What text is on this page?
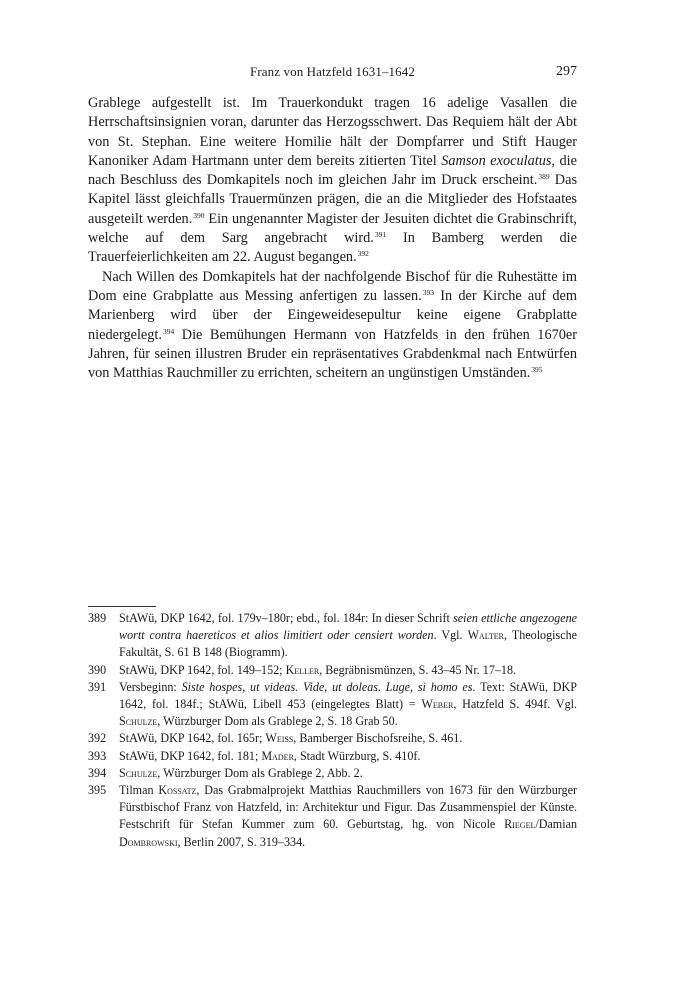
Franz von Hatzfeld 1631–1642	297

Grablege aufgestellt ist. Im Trauerkondukt tragen 16 adelige Vasallen die Herrschaftsinsignien voran, darunter das Herzogsschwert. Das Requiem hält der Abt von St. Stephan. Eine weitere Homilie hält der Dompfarrer und Stift Hauger Kanoniker Adam Hartmann unter dem bereits zitierten Titel Samson exoculatus, die nach Beschluss des Domkapitels noch im gleichen Jahr im Druck erscheint.$^{389}$ Das Kapitel lässt gleichfalls Trauermünzen prägen, die an die Mitglieder des Hofstaates ausgeteilt werden.$^{390}$ Ein ungenannter Magister der Jesuiten dichtet die Grabinschrift, welche auf dem Sarg angebracht wird.$^{391}$ In Bamberg werden die Trauerfeierlichkeiten am 22. August begangen.$^{392}$

Nach Willen des Domkapitels hat der nachfolgende Bischof für die Ruhestätte im Dom eine Grabplatte aus Messing anfertigen zu lassen.$^{393}$ In der Kirche auf dem Marienberg wird über der Eingeweidesepultur keine eigene Grabplatte niedergelegt.$^{394}$ Die Bemühungen Hermann von Hatzfelds in den frühen 1670er Jahren, für seinen illustren Bruder ein repräsentatives Grabdenkmal nach Entwürfen von Matthias Rauchmiller zu errichten, scheitern an ungünstigen Umständen.$^{395}$

389 StAWü, DKP 1642, fol. 179v–180r; ebd., fol. 184r: In dieser Schrift seien ettliche angezogene wortt contra haereticos et alios limitiert oder censiert worden. Vgl. Walter, Theologische Fakultät, S. 61 B 148 (Biogramm).
390 StAWü, DKP 1642, fol. 149–152; Keller, Begräbnismünzen, S. 43–45 Nr. 17–18.
391 Versbeginn: Siste hospes, ut videas. Vide, ut doleas. Luge, si homo es. Text: StAWü, DKP 1642, fol. 184f.; StAWü, Libell 453 (eingelegtes Blatt) = Weber, Hatzfeld S. 494f. Vgl. Schulze, Würzburger Dom als Grablege 2, S. 18 Grab 50.
392 StAWü, DKP 1642, fol. 165r; Weiss, Bamberger Bischofsreihe, S. 461.
393 StAWü, DKP 1642, fol. 181; Mader, Stadt Würzburg, S. 410f.
394 Schulze, Würzburger Dom als Grablege 2, Abb. 2.
395 Tilman Kossatz, Das Grabmalprojekt Matthias Rauchmillers von 1673 für den Würzburger Fürstbischof Franz von Hatzfeld, in: Architektur und Figur. Das Zusammenspiel der Künste. Festschrift für Stefan Kummer zum 60. Geburtstag, hg. von Nicole Riegel/Damian Dombrowski, Berlin 2007, S. 319–334.
